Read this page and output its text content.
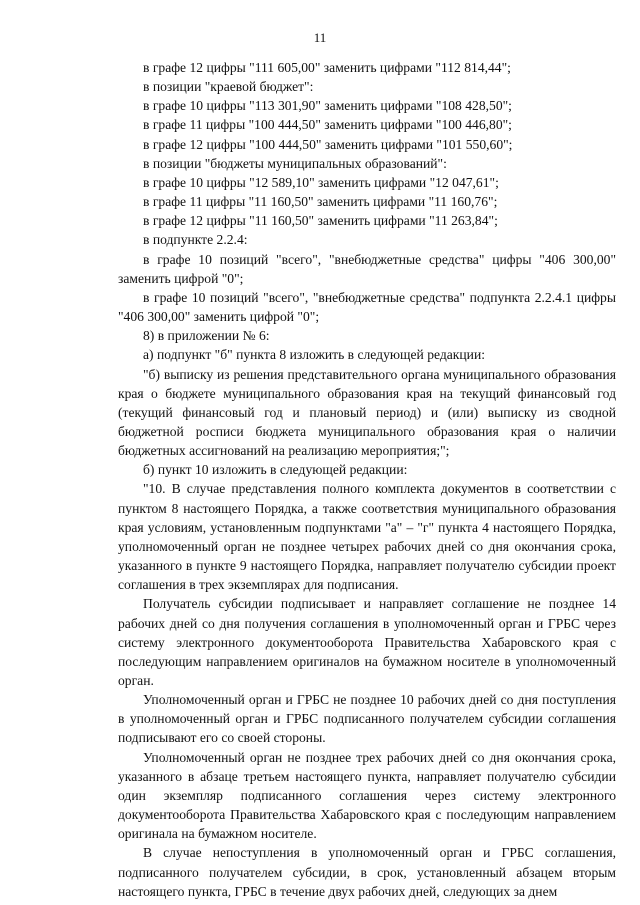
11

в графе 12 цифры "111 605,00" заменить цифрами "112 814,44";

в позиции "краевой бюджет":

в графе 10 цифры "113 301,90" заменить цифрами "108 428,50";

в графе 11 цифры "100 444,50" заменить цифрами "100 446,80";

в графе 12 цифры "100 444,50" заменить цифрами "101 550,60";

в позиции "бюджеты муниципальных образований":

в графе 10 цифры "12 589,10" заменить цифрами "12 047,61";

в графе 11 цифры "11 160,50" заменить цифрами "11 160,76";

в графе 12 цифры "11 160,50" заменить цифрами "11 263,84";

в подпункте 2.2.4:

в графе 10 позиций "всего", "внебюджетные средства" цифры "406 300,00" заменить цифрой "0";

в графе 10 позиций "всего", "внебюджетные средства" подпункта 2.2.4.1 цифры "406 300,00" заменить цифрой "0";

8) в приложении № 6:

а) подпункт "б" пункта 8 изложить в следующей редакции:

"б) выписку из решения представительного органа муниципального образования края о бюджете муниципального образования края на текущий финансовый год (текущий финансовый год и плановый период) и (или) выписку из сводной бюджетной росписи бюджета муниципального образования края о наличии бюджетных ассигнований на реализацию мероприятия;";

б) пункт 10 изложить в следующей редакции:

"10. В случае представления полного комплекта документов в соответствии с пунктом 8 настоящего Порядка, а также соответствия муниципального образования края условиям, установленным подпунктами "а" – "г" пункта 4 настоящего Порядка, уполномоченный орган не позднее четырех рабочих дней со дня окончания срока, указанного в пункте 9 настоящего Порядка, направляет получателю субсидии проект соглашения в трех экземплярах для подписания.

Получатель субсидии подписывает и направляет соглашение не позднее 14 рабочих дней со дня получения соглашения в уполномоченный орган и ГРБС через систему электронного документооборота Правительства Хабаровского края с последующим направлением оригиналов на бумажном носителе в уполномоченный орган.

Уполномоченный орган и ГРБС не позднее 10 рабочих дней со дня поступления в уполномоченный орган и ГРБС подписанного получателем субсидии соглашения подписывают его со своей стороны.

Уполномоченный орган не позднее трех рабочих дней со дня окончания срока, указанного в абзаце третьем настоящего пункта, направляет получателю субсидии один экземпляр подписанного соглашения через систему электронного документооборота Правительства Хабаровского края с последующим направлением оригинала на бумажном носителе.

В случае непоступления в уполномоченный орган и ГРБС соглашения, подписанного получателем субсидии, в срок, установленный абзацем вторым настоящего пункта, ГРБС в течение двух рабочих дней, следующих за днем
